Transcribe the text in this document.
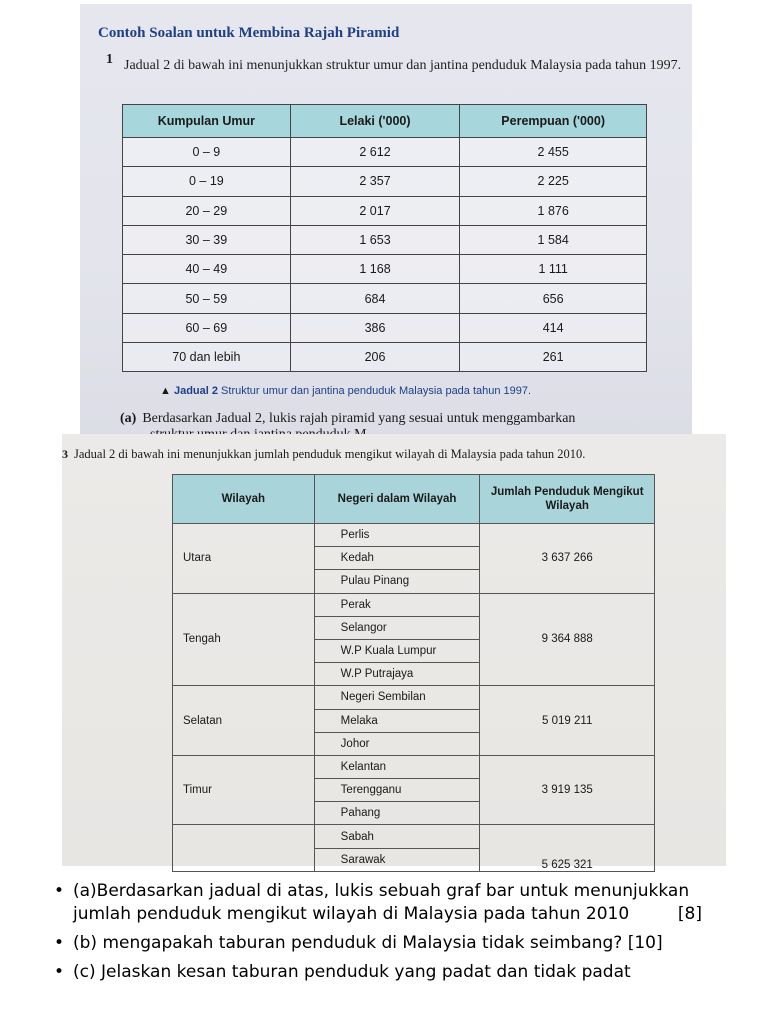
Contoh Soalan untuk Membina Rajah Piramid
1 Jadual 2 di bawah ini menunjukkan struktur umur dan jantina penduduk Malaysia pada tahun 1997.
Kumpulan Umur	Lelaki ('000)	Perempuan ('000)
0 – 9	2 612	2 455
0 – 19	2 357	2 225
20 – 29	2 017	1 876
30 – 39	1 653	1 584
40 – 49	1 168	1 111
50 – 59	684	656
60 – 69	386	414
70 dan lebih	206	261
▲ Jadual 2 Struktur umur dan jantina penduduk Malaysia pada tahun 1997.
(a) Berdasarkan Jadual 2, lukis rajah piramid yang sesuai untuk menggambarkan
3 Jadual 2 di bawah ini menunjukkan jumlah penduduk mengikut wilayah di Malaysia pada tahun 2010.
Wilayah	Negeri dalam Wilayah	Jumlah Penduduk Mengikut Wilayah
Utara	Perlis	3 637 266
	Kedah	
	Pulau Pinang	
Tengah	Perak	9 364 888
	Selangor	
	W.P Kuala Lumpur	
	W.P Putrajaya	
Selatan	Negeri Sembilan	5 019 211
	Melaka	
	Johor	
Timur	Kelantan	3 919 135
	Terengganu	
	Pahang	
	Sabah	5 625 321
	Sarawak	
• (a)Berdasarkan jadual di atas, lukis sebuah graf bar untuk menunjukkan jumlah penduduk mengikut wilayah di Malaysia pada tahun 2010	[8]
• (b) mengapakah taburan penduduk di Malaysia tidak seimbang? [10]
• (c) Jelaskan kesan taburan penduduk yang padat dan tidak padat
